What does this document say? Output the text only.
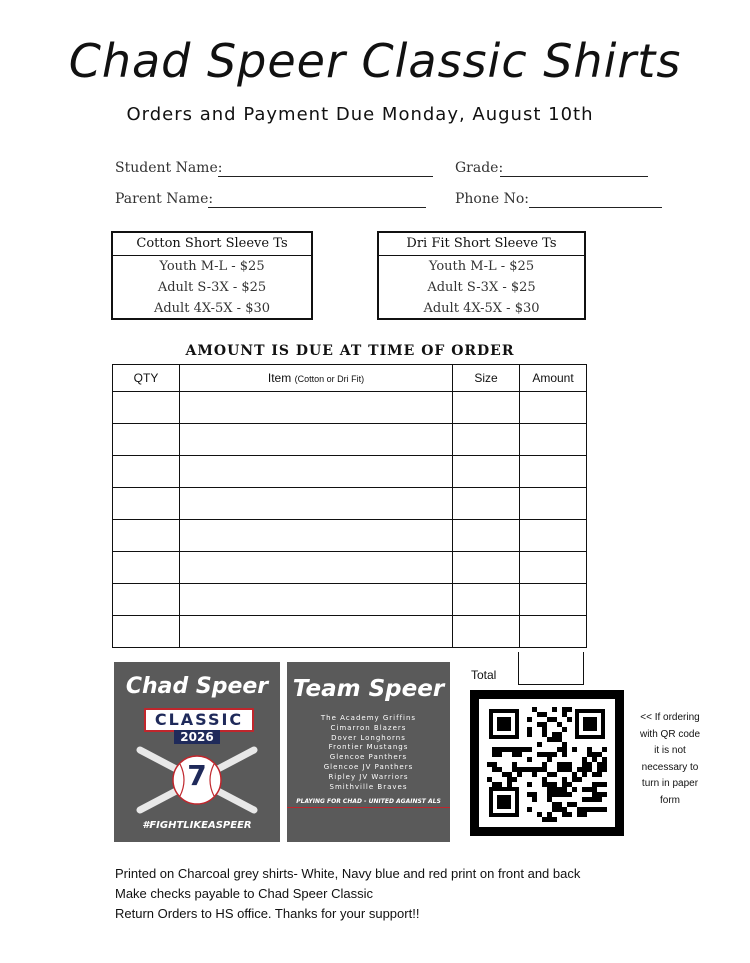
Chad Speer Classic Shirts
Orders and Payment Due Monday, August 10th
Student Name:	Grade:
Parent Name:	Phone No:
Cotton Short Sleeve Ts
Youth M-L - $25
Adult S-3X - $25
Adult 4X-5X - $30
Dri Fit Short Sleeve Ts
Youth M-L - $25
Adult S-3X - $25
Adult 4X-5X - $30
AMOUNT IS DUE AT TIME OF ORDER
QTY	Item (Cotton or Dri Fit)	Size	Amount

Total
Chad Speer
CLASSIC
2026
7
#FIGHTLIKEASPEER
Team Speer
The Academy Griffins
Cimarron Blazers
Dover Longhorns
Frontier Mustangs
Glencoe Panthers
Glencoe JV Panthers
Ripley JV Warriors
Smithville Braves
PLAYING FOR CHAD - UNITED AGAINST ALS
<< If ordering
with QR code
it is not
necessary to
turn in paper
form
Printed on Charcoal grey shirts- White, Navy blue and red print on front and back
Make checks payable to Chad Speer Classic
Return Orders to HS office. Thanks for your support!!
